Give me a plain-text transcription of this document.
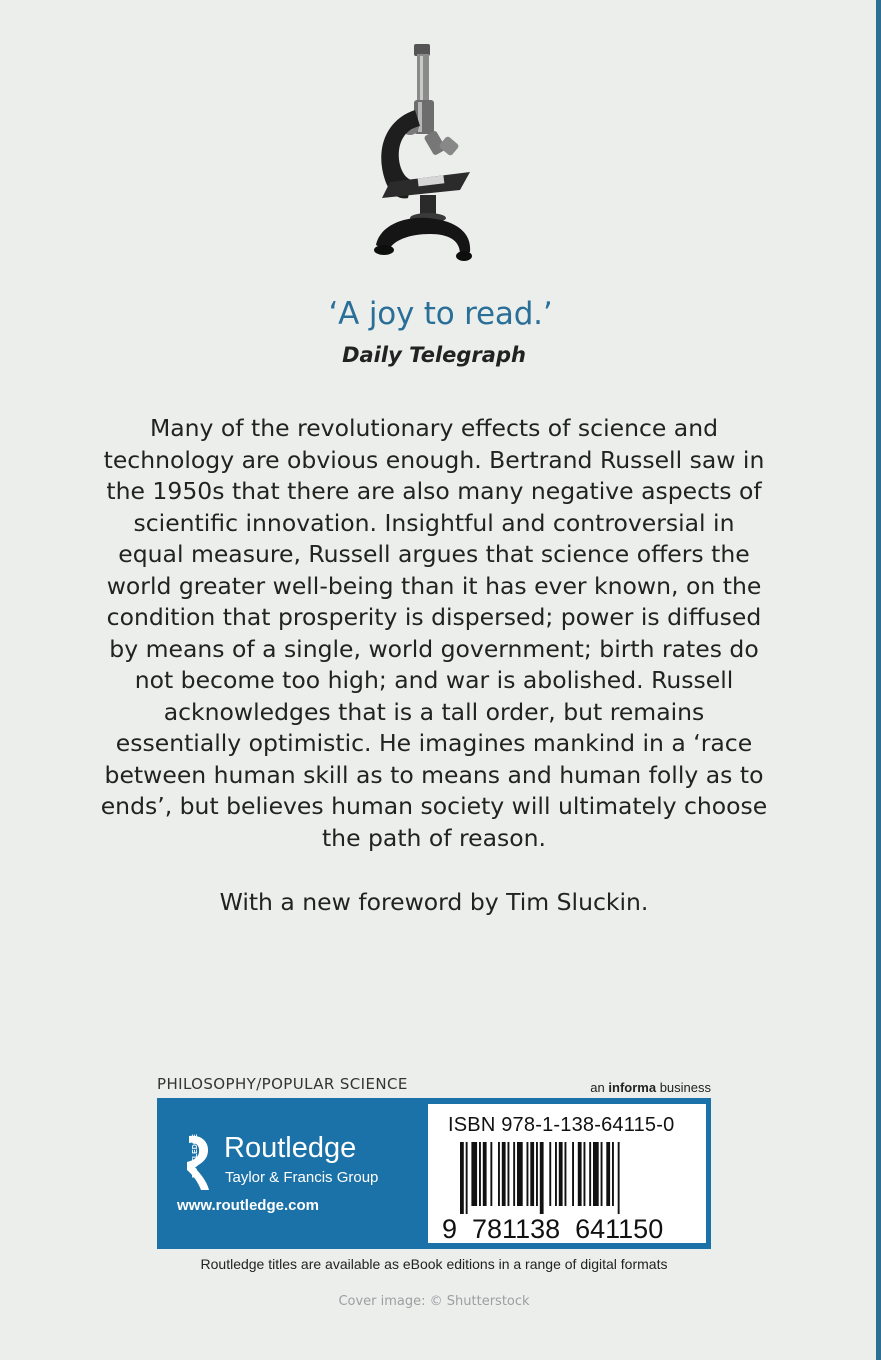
‘A joy to read.’
Daily Telegraph
Many of the revolutionary effects of science and technology are obvious enough. Bertrand Russell saw in the 1950s that there are also many negative aspects of scientific innovation. Insightful and controversial in equal measure, Russell argues that science offers the world greater well-being than it has ever known, on the condition that prosperity is dispersed; power is diffused by means of a single, world government; birth rates do not become too high; and war is abolished. Russell acknowledges that is a tall order, but remains essentially optimistic. He imagines mankind in a ‘race between human skill as to means and human folly as to ends’, but believes human society will ultimately choose the path of reason.
With a new foreword by Tim Sluckin.
PHILOSOPHY/POPULAR SCIENCE	an informa business
ROUTLEDGE Routledge
Taylor & Francis Group
www.routledge.com
ISBN 978-1-138-64115-0
9  781138  641150
Routledge titles are available as eBook editions in a range of digital formats
Cover image: © Shutterstock
